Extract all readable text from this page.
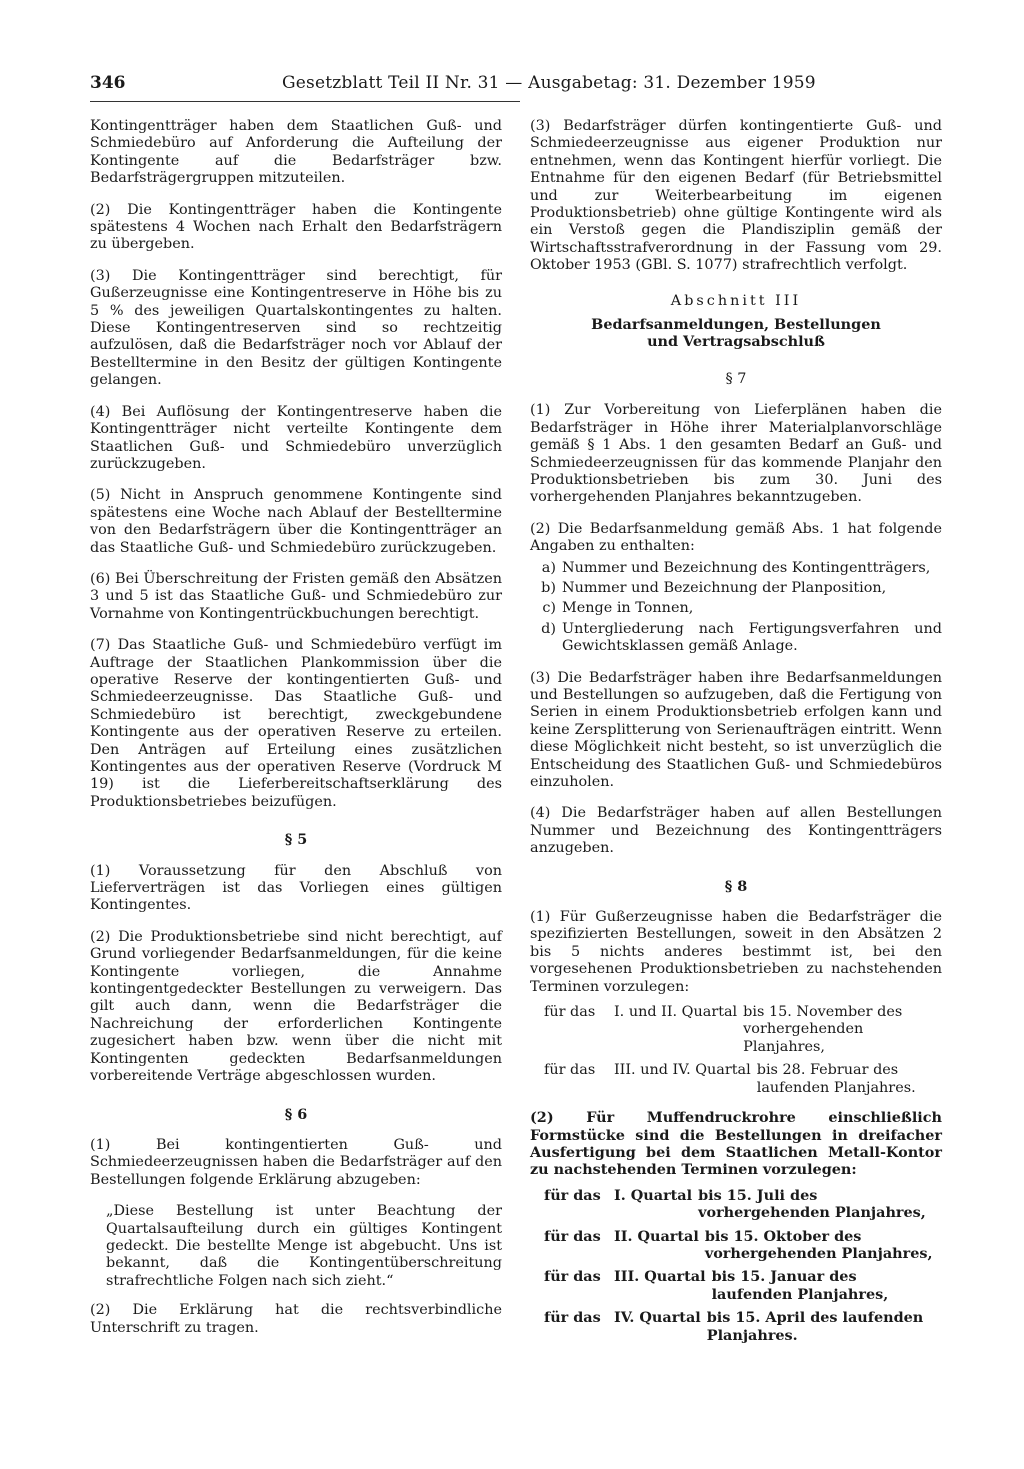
346	Gesetzblatt Teil II Nr. 31 — Ausgabetag: 31. Dezember 1959

Kontingentträger haben dem Staatlichen Guß- und Schmiedebüro auf Anforderung die Aufteilung der Kontingente auf die Bedarfsträger bzw. Bedarfsträgergruppen mitzuteilen.

(2) Die Kontingentträger haben die Kontingente spätestens 4 Wochen nach Erhalt den Bedarfsträgern zu übergeben.

(3) Die Kontingentträger sind berechtigt, für Gußerzeugnisse eine Kontingentreserve in Höhe bis zu 5 % des jeweiligen Quartalskontingentes zu halten. Diese Kontingentreserven sind so rechtzeitig aufzulösen, daß die Bedarfsträger noch vor Ablauf der Bestelltermine in den Besitz der gültigen Kontingente gelangen.

(4) Bei Auflösung der Kontingentreserve haben die Kontingentträger nicht verteilte Kontingente dem Staatlichen Guß- und Schmiedebüro unverzüglich zurückzugeben.

(5) Nicht in Anspruch genommene Kontingente sind spätestens eine Woche nach Ablauf der Bestelltermine von den Bedarfsträgern über die Kontingentträger an das Staatliche Guß- und Schmiedebüro zurückzugeben.

(6) Bei Überschreitung der Fristen gemäß den Absätzen 3 und 5 ist das Staatliche Guß- und Schmiedebüro zur Vornahme von Kontingentrückbuchungen berechtigt.

(7) Das Staatliche Guß- und Schmiedebüro verfügt im Auftrage der Staatlichen Plankommission über die operative Reserve der kontingentierten Guß- und Schmiedeerzeugnisse. Das Staatliche Guß- und Schmiedebüro ist berechtigt, zweckgebundene Kontingente aus der operativen Reserve zu erteilen. Den Anträgen auf Erteilung eines zusätzlichen Kontingentes aus der operativen Reserve (Vordruck M 19) ist die Lieferbereitschaftserklärung des Produktionsbetriebes beizufügen.

§ 5

(1) Voraussetzung für den Abschluß von Lieferverträgen ist das Vorliegen eines gültigen Kontingentes.

(2) Die Produktionsbetriebe sind nicht berechtigt, auf Grund vorliegender Bedarfsanmeldungen, für die keine Kontingente vorliegen, die Annahme kontingentgedeckter Bestellungen zu verweigern. Das gilt auch dann, wenn die Bedarfsträger die Nachreichung der erforderlichen Kontingente zugesichert haben bzw. wenn über die nicht mit Kontingenten gedeckten Bedarfsanmeldungen vorbereitende Verträge abgeschlossen wurden.

§ 6

(1) Bei kontingentierten Guß- und Schmiedeerzeugnissen haben die Bedarfsträger auf den Bestellungen folgende Erklärung abzugeben:

„Diese Bestellung ist unter Beachtung der Quartalsaufteilung durch ein gültiges Kontingent gedeckt. Die bestellte Menge ist abgebucht. Uns ist bekannt, daß die Kontingentüberschreitung strafrechtliche Folgen nach sich zieht.“

(2) Die Erklärung hat die rechtsverbindliche Unterschrift zu tragen.

(3) Bedarfsträger dürfen kontingentierte Guß- und Schmiedeerzeugnisse aus eigener Produktion nur entnehmen, wenn das Kontingent hierfür vorliegt. Die Entnahme für den eigenen Bedarf (für Betriebsmittel und zur Weiterbearbeitung im eigenen Produktionsbetrieb) ohne gültige Kontingente wird als ein Verstoß gegen die Plandisziplin gemäß der Wirtschaftsstrafverordnung in der Fassung vom 29. Oktober 1953 (GBl. S. 1077) strafrechtlich verfolgt.

Abschnitt III
Bedarfsanmeldungen, Bestellungen
und Vertragsabschluß
§ 7

(1) Zur Vorbereitung von Lieferplänen haben die Bedarfsträger in Höhe ihrer Materialplanvorschläge gemäß § 1 Abs. 1 den gesamten Bedarf an Guß- und Schmiedeerzeugnissen für das kommende Planjahr den Produktionsbetrieben bis zum 30. Juni des vorhergehenden Planjahres bekanntzugeben.

(2) Die Bedarfsanmeldung gemäß Abs. 1 hat folgende Angaben zu enthalten:

a) Nummer und Bezeichnung des Kontingentträgers,
b) Nummer und Bezeichnung der Planposition,
c) Menge in Tonnen,
d) Untergliederung nach Fertigungsverfahren und Gewichtsklassen gemäß Anlage.

(3) Die Bedarfsträger haben ihre Bedarfsanmeldungen und Bestellungen so aufzugeben, daß die Fertigung von Serien in einem Produktionsbetrieb erfolgen kann und keine Zersplitterung von Serienaufträgen eintritt. Wenn diese Möglichkeit nicht besteht, so ist unverzüglich die Entscheidung des Staatlichen Guß- und Schmiedebüros einzuholen.

(4) Die Bedarfsträger haben auf allen Bestellungen Nummer und Bezeichnung des Kontingentträgers anzugeben.

§ 8

(1) Für Gußerzeugnisse haben die Bedarfsträger die spezifizierten Bestellungen, soweit in den Absätzen 2 bis 5 nichts anderes bestimmt ist, bei den vorgesehenen Produktionsbetrieben zu nachstehenden Terminen vorzulegen:

für das	I. und II. Quartal bis 15. November des vorhergehenden Planjahres,
für das	III. und IV. Quartal bis 28. Februar des laufenden Planjahres.

(2) Für Muffendruckrohre einschließlich Formstücke sind die Bestellungen in dreifacher Ausfertigung bei dem Staatlichen Metall-Kontor zu nachstehenden Terminen vorzulegen:

für das I. Quartal bis 15. Juli des vorhergehenden Planjahres,
für das II. Quartal bis 15. Oktober des vorhergehenden Planjahres,
für das III. Quartal bis 15. Januar des laufenden Planjahres,
für das IV. Quartal bis 15. April des laufenden Planjahres.
